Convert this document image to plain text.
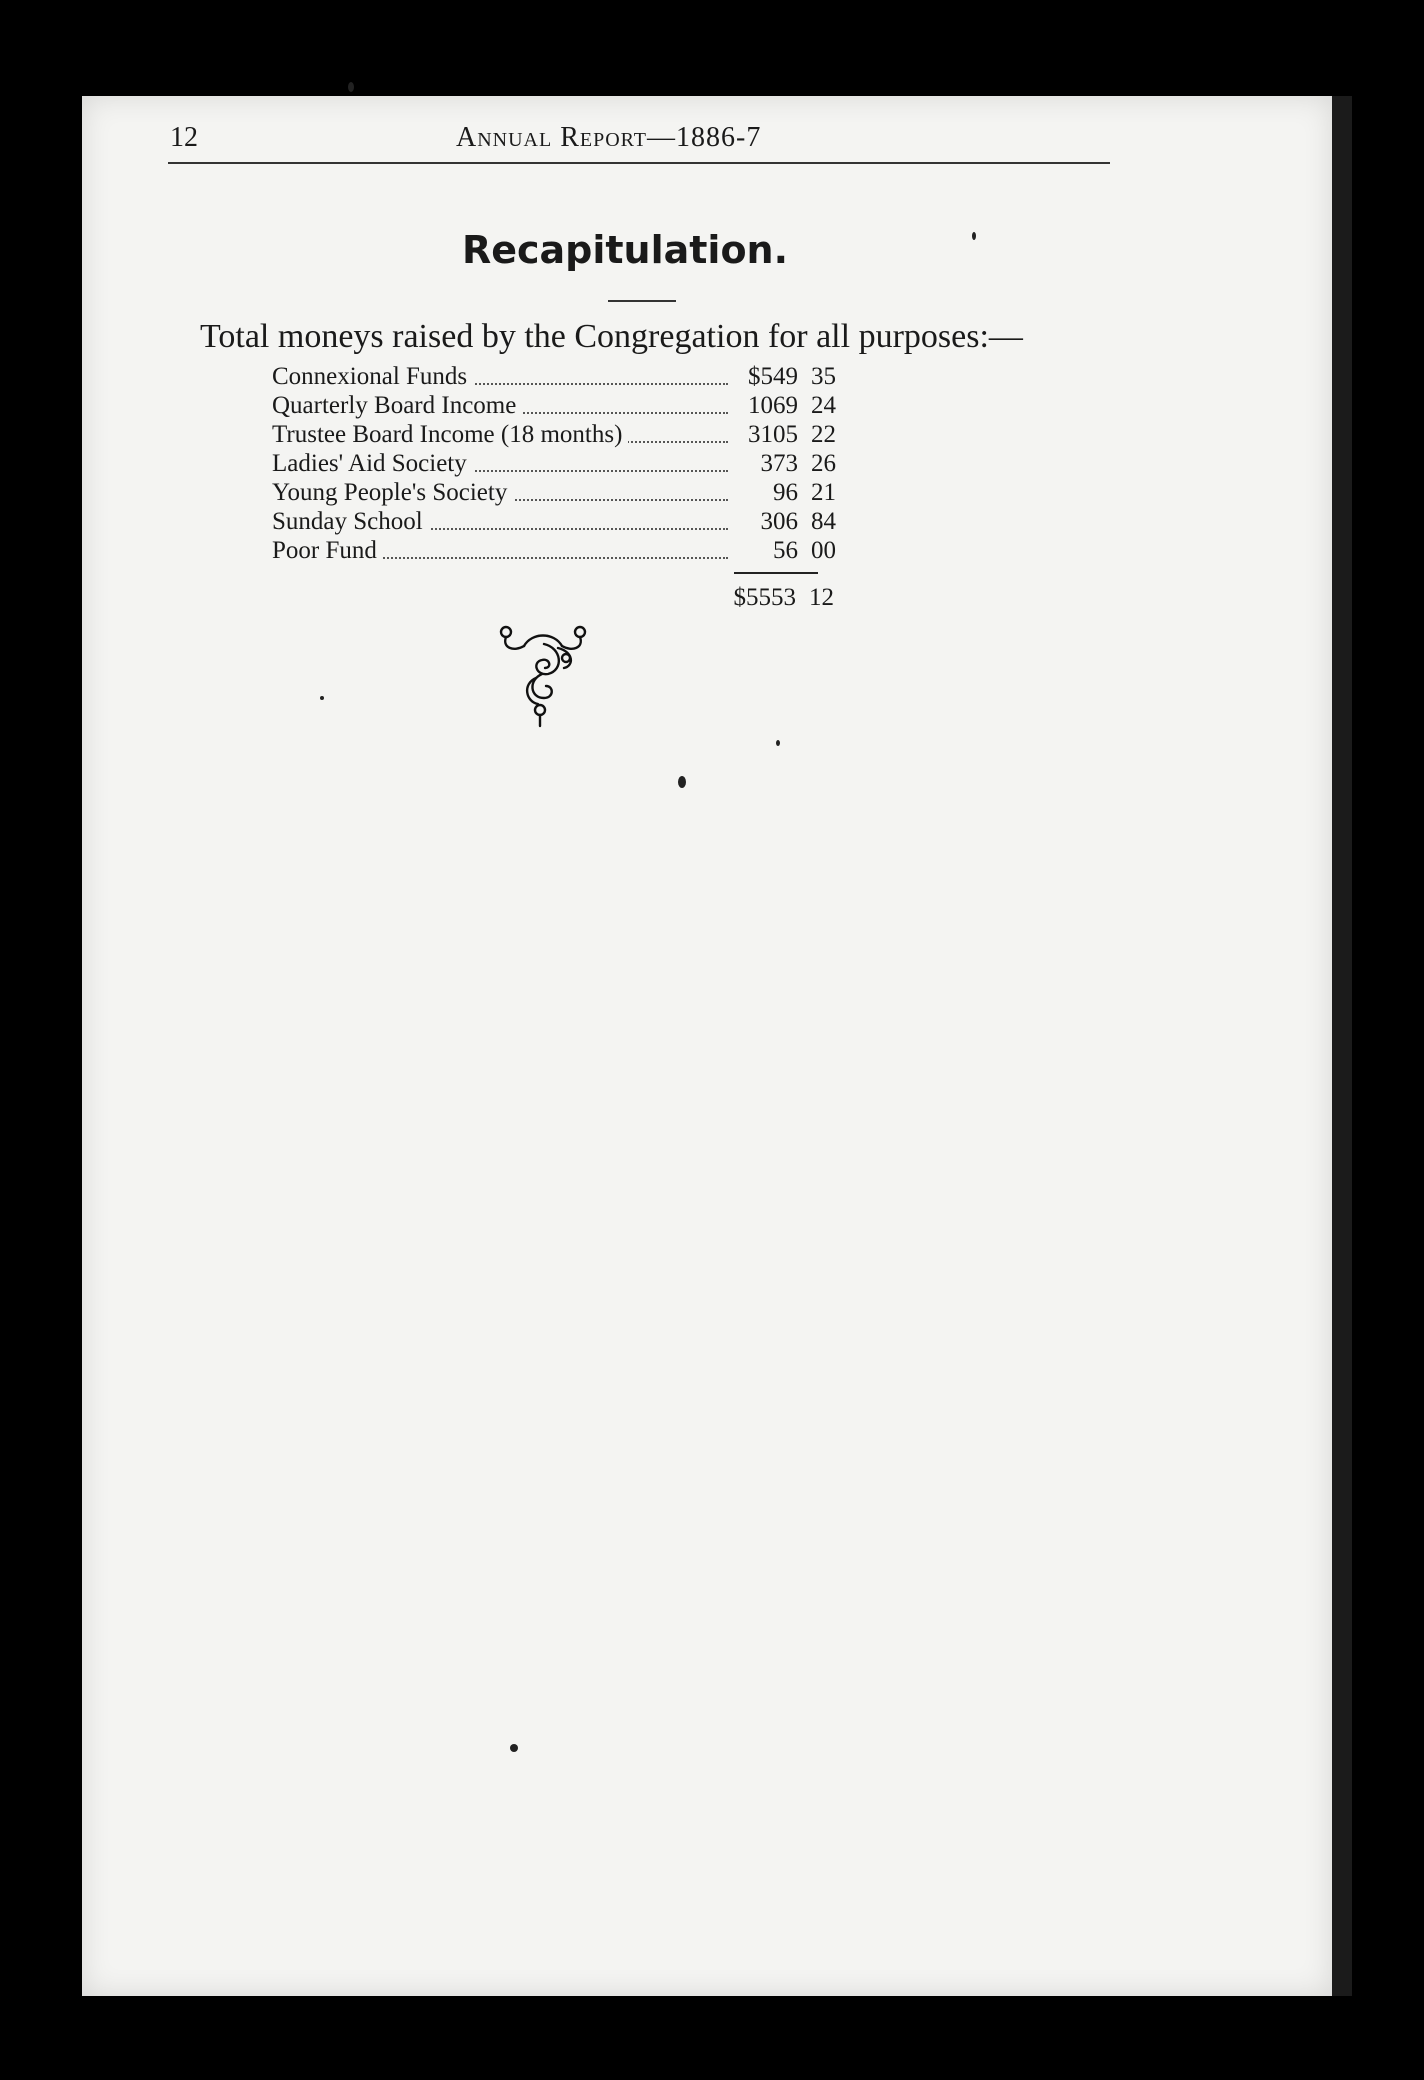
12	Annual Report—1886-7
Recapitulation.
Total moneys raised by the Congregation for all purposes:—
Connexional Funds	$549	35
Quarterly Board Income	1069	24
Trustee Board Income (18 months)	3105	22
Ladies' Aid Society	373	26
Young People's Society	96	21
Sunday School	306	84
Poor Fund	56	00
$5553 12
